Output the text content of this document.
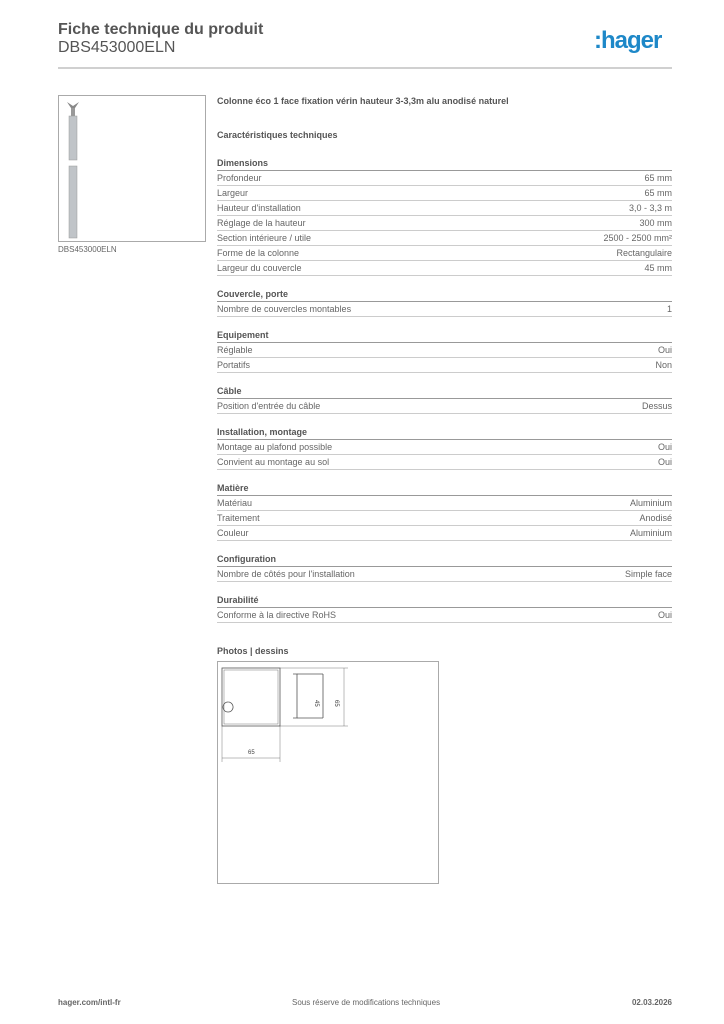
Fiche technique du produit
DBS453000ELN	:hager
DBS453000ELN
Colonne éco 1 face fixation vérin hauteur 3-3,3m alu anodisé naturel
Caractéristiques techniques
Dimensions
Profondeur	65 mm
Largeur	65 mm
Hauteur d'installation	3,0 - 3,3 m
Réglage de la hauteur	300 mm
Section intérieure / utile	2500 - 2500 mm²
Forme de la colonne	Rectangulaire
Largeur du couvercle	45 mm
Couvercle, porte
Nombre de couvercles montables	1
Equipement
Réglable	Oui
Portatifs	Non
Câble
Position d'entrée du câble	Dessus
Installation, montage
Montage au plafond possible	Oui
Convient au montage au sol	Oui
Matière
Matériau	Aluminium
Traitement	Anodisé
Couleur	Aluminium
Configuration
Nombre de côtés pour l'installation	Simple face
Durabilité
Conforme à la directive RoHS	Oui
Photos | dessins
65
65
45
hager.com/intl-fr	Sous réserve de modifications techniques	02.03.2026
